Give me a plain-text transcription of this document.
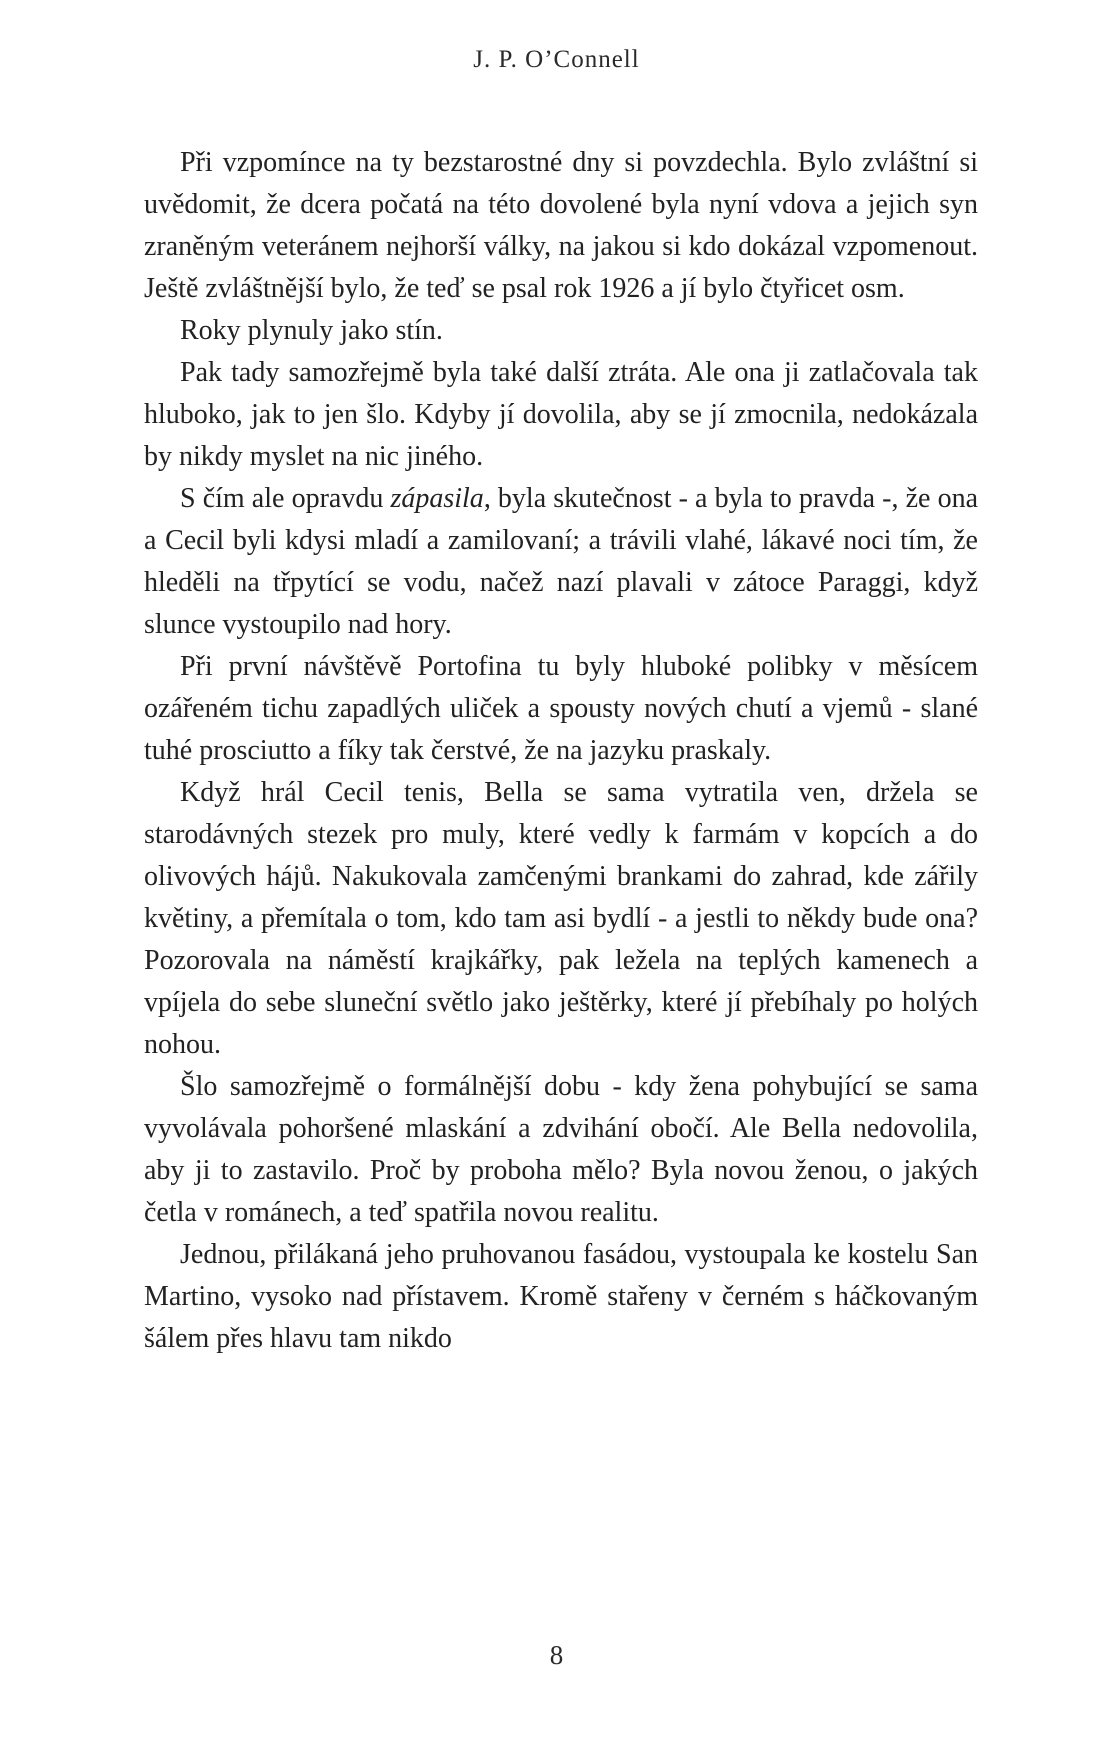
J. P. O’Connell

Při vzpomínce na ty bezstarostné dny si povzdechla. Bylo zvláštní si uvědomit, že dcera počatá na této dovolené byla nyní vdova a jejich syn zraněným veteránem nejhorší války, na jakou si kdo dokázal vzpomenout. Ještě zvláštnější bylo, že teď se psal rok 1926 a jí bylo čtyřicet osm.

Roky plynuly jako stín.

Pak tady samozřejmě byla také další ztráta. Ale ona ji zatlačovala tak hluboko, jak to jen šlo. Kdyby jí dovolila, aby se jí zmocnila, nedokázala by nikdy myslet na nic jiného.

S čím ale opravdu zápasila, byla skutečnost - a byla to pravda -, že ona a Cecil byli kdysi mladí a zamilovaní; a trávili vlahé, lákavé noci tím, že hleděli na třpytící se vodu, načež nazí plavali v zátoce Paraggi, když slunce vystoupilo nad hory.

Při první návštěvě Portofina tu byly hluboké polibky v měsícem ozářeném tichu zapadlých uliček a spousty nových chutí a vjemů - slané tuhé prosciutto a fíky tak čerstvé, že na jazyku praskaly.

Když hrál Cecil tenis, Bella se sama vytratila ven, držela se starodávných stezek pro muly, které vedly k farmám v kopcích a do olivových hájů. Nakukovala zamčenými brankami do zahrad, kde zářily květiny, a přemítala o tom, kdo tam asi bydlí - a jestli to někdy bude ona? Pozorovala na náměstí krajkářky, pak ležela na teplých kamenech a vpíjela do sebe sluneční světlo jako ještěrky, které jí přebíhaly po holých nohou.

Šlo samozřejmě o formálnější dobu - kdy žena pohybující se sama vyvolávala pohoršené mlaskání a zdvihání obočí. Ale Bella nedovolila, aby ji to zastavilo. Proč by proboha mělo? Byla novou ženou, o jakých četla v románech, a teď spatřila novou realitu.

Jednou, přilákaná jeho pruhovanou fasádou, vystoupala ke kostelu San Martino, vysoko nad přístavem. Kromě stařeny v černém s háčkovaným šálem přes hlavu tam nikdo

8
